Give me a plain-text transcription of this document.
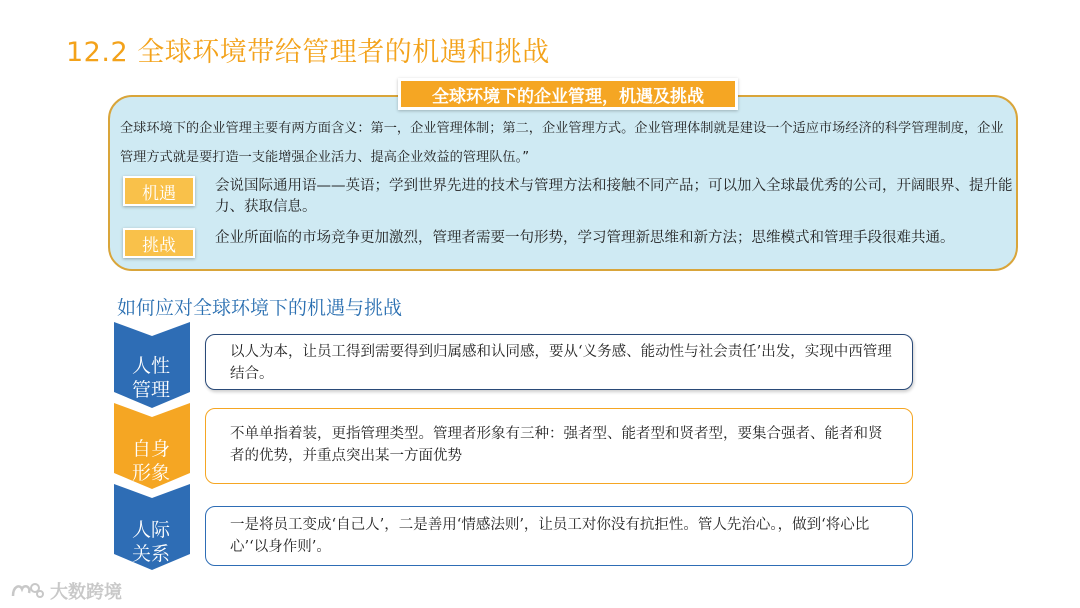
12.2 全球环境带给管理者的机遇和挑战
全球环境下的企业管理，机遇及挑战
全球环境下的企业管理主要有两方面含义：第一，企业管理体制；第二，企业管理方式。企业管理体制就是建设一个适应市场经济的科学管理制度，企业管理方式就是要打造一支能增强企业活力、提高企业效益的管理队伍。”
机遇	会说国际通用语——英语；学到世界先进的技术与管理方法和接触不同产品；可以加入全球最优秀的公司，开阔眼界、提升能力、获取信息。
挑战	企业所面临的市场竞争更加激烈，管理者需要一句形势，学习管理新思维和新方法；思维模式和管理手段很难共通。
如何应对全球环境下的机遇与挑战
人性
管理
以人为本，让员工得到需要得到归属感和认同感，要从‘义务感、能动性与社会责任’出发，实现中西管理结合。
自身
形象
不单单指着装，更指管理类型。管理者形象有三种：强者型、能者型和贤者型，要集合强者、能者和贤者的优势，并重点突出某一方面优势
人际
关系
一是将员工变成‘自己人’，二是善用‘情感法则’，让员工对你没有抗拒性。管人先治心。，做到‘将心比心’‘以身作则’。
大数跨境
